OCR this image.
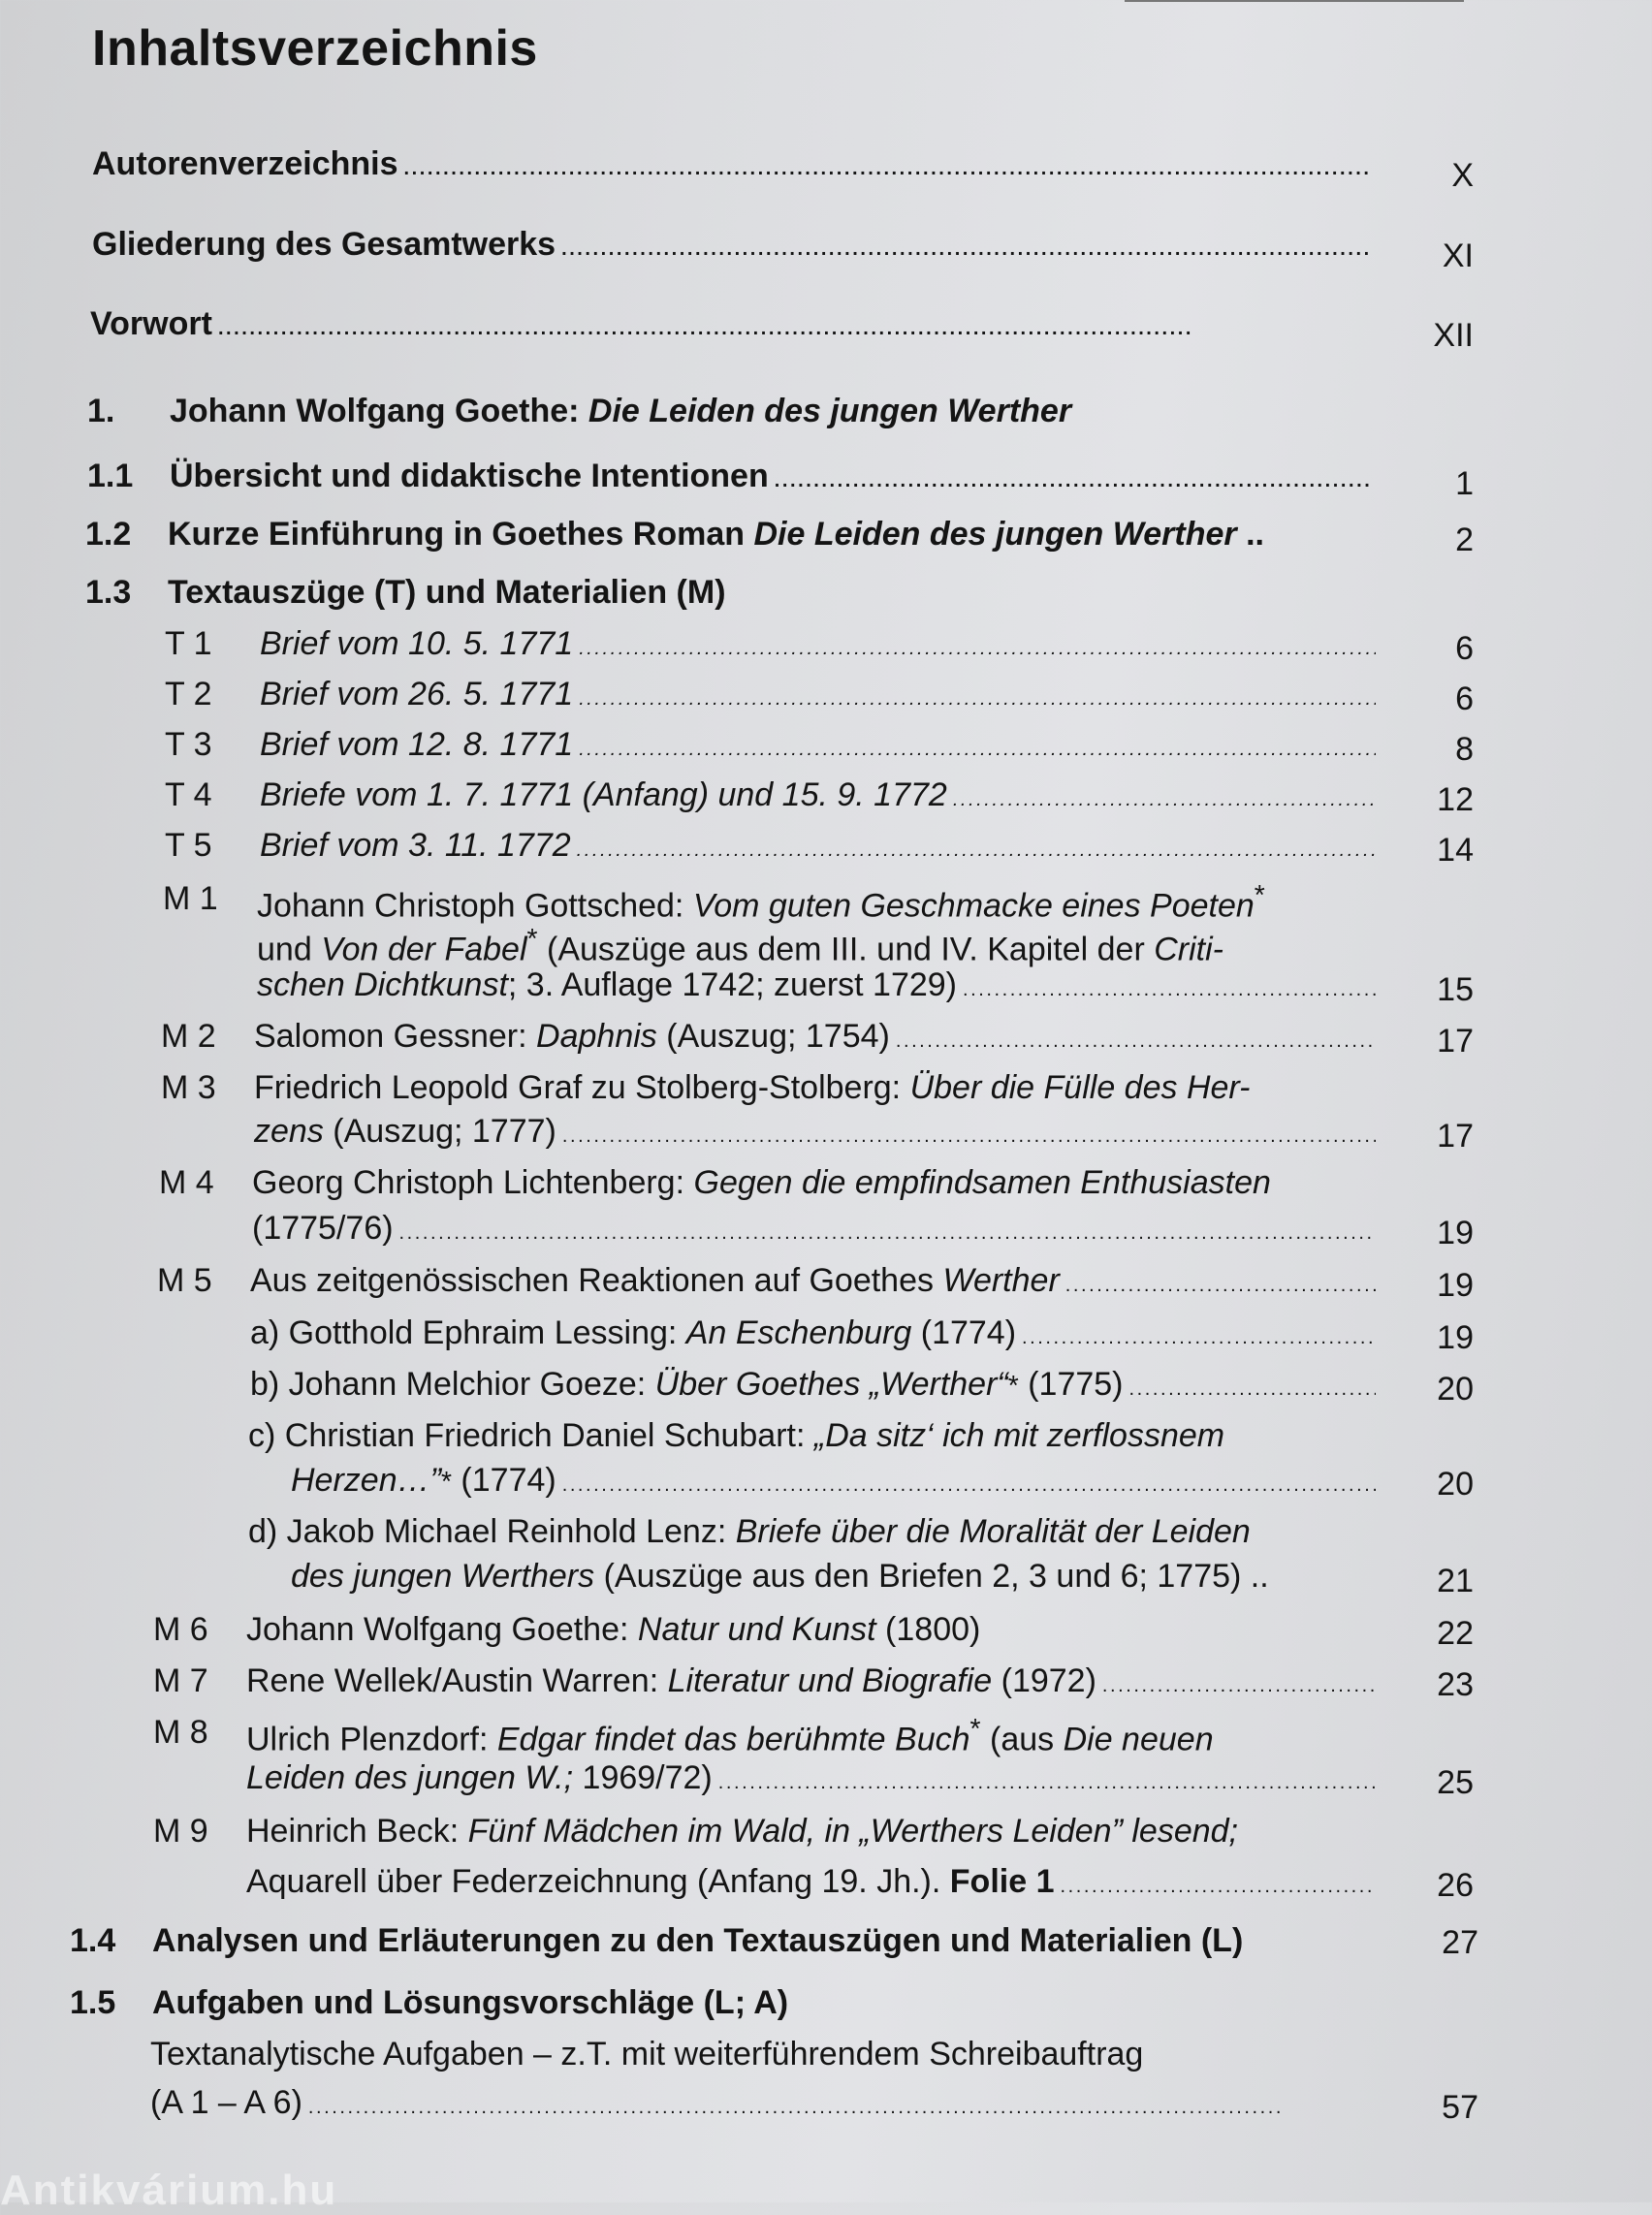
Inhaltsverzeichnis
Autorenverzeichnis . . .	X
Gliederung des Gesamtwerks . . .	XI
Vorwort . . .	XII
1. Johann Wolfgang Goethe: Die Leiden des jungen Werther
1.1 Übersicht und didaktische Intentionen . . .	1
1.2 Kurze Einführung in Goethes Roman Die Leiden des jungen Werther ..	2
1.3 Textauszüge (T) und Materialien (M)
T 1 Brief vom 10. 5. 1771 . . .	6
T 2 Brief vom 26. 5. 1771 . . .	6
T 3 Brief vom 12. 8. 1771 . . .	8
T 4 Briefe vom 1. 7. 1771 (Anfang) und 15. 9. 1772 . . .	12
T 5 Brief vom 3. 11. 1772 . . .	14
M 1 Johann Christoph Gottsched: Vom guten Geschmacke eines Poeten*
und Von der Fabel* (Auszüge aus dem III. und IV. Kapitel der Criti-
schen Dichtkunst ; 3. Auflage 1742; zuerst 1729) . . .	15
M 2 Salomon Gessner:
Daphnis
(Auszug; 1754) . . .	17
M 3 Friedrich Leopold Graf zu Stolberg-Stolberg: Über die Fülle des Her-
zens
(Auszug; 1777) . . .	17
M 4 Georg Christoph Lichtenberg: Gegen die empfindsamen Enthusiasten
(1775/76) . . .	19
M 5 Aus zeitgenössischen Reaktionen auf Goethes
Werther . . .	19
a) Gotthold Ephraim Lessing:
An Eschenburg
(1774) . . .	19
b) Johann Melchior Goeze:
Über Goethes „Werther“ *
(1775) . . .	20
c) Christian Friedrich Daniel Schubart: „Da sitz‘ ich mit zerflossnem
Herzen…” *
(1774) . . .	20
d) Jakob Michael Reinhold Lenz: Briefe über die Moralität der Leiden
des jungen Werthers (Auszüge aus den Briefen 2, 3 und 6; 1775) ..	21
M 6 Johann Wolfgang Goethe: Natur und Kunst (1800)	22
M 7 Rene Wellek/Austin Warren:
Literatur und Biografie
(1972) . . .	23
M 8 Ulrich Plenzdorf: Edgar findet das berühmte Buch* (aus Die neuen
Leiden des jungen W.;
1969/72) . . .	25
M 9 Heinrich Beck: Fünf Mädchen im Wald, in „Werthers Leiden” lesend;
Aquarell über Federzeichnung (Anfang 19. Jh.).
Folie 1 . . .	26
1.4 Analysen und Erläuterungen zu den Textauszügen und Materialien (L)	27
1.5 Aufgaben und Lösungsvorschläge (L; A)
Textanalytische Aufgaben – z.T. mit weiterführendem Schreibauftrag
(A 1 – A 6) . . .	57
Antikvárium.hu
